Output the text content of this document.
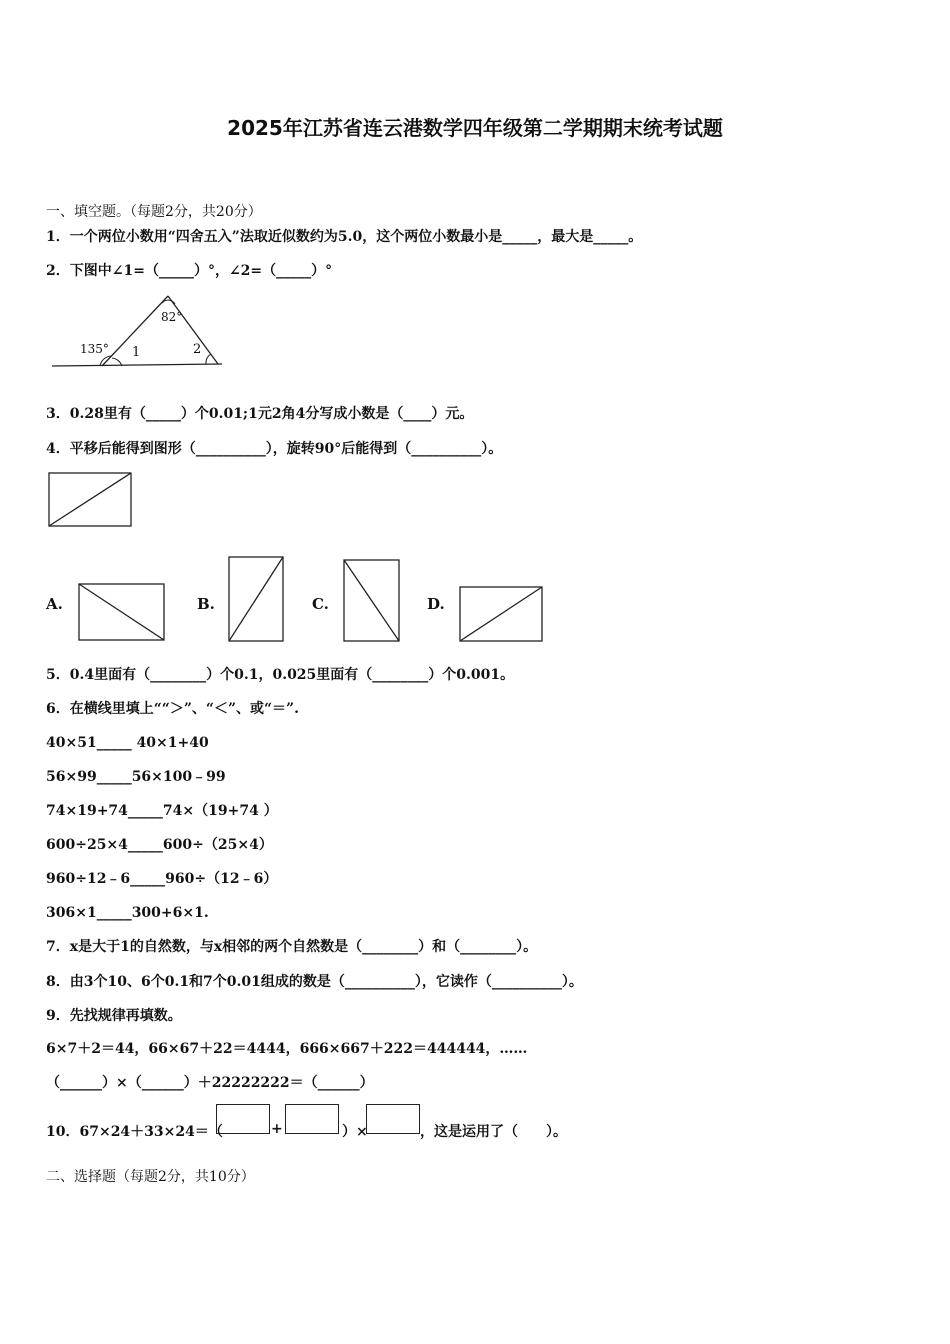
2025年江苏省连云港数学四年级第二学期期末统考试题
一、填空题。（每题2分，共20分）
1．一个两位小数用“四舍五入”法取近似数约为5.0，这个两位小数最小是_____，最大是_____。
2．下图中∠1=（_____）°，∠2=（_____）°
82°
135° 1	2
3．0.28里有（_____）个0.01;1元2角4分写成小数是（____）元。
4．平移后能得到图形（__________），旋转90°后能得到（__________）。
A.	B.	C.	D.
5．0.4里面有（________）个0.1，0.025里面有（________）个0.001。
6．在横线里填上““＞”、“＜”、或“＝”.
40×51_____ 40×1+40
56×99_____56×100﹣99
74×19+74_____74×（19+74 ）
600÷25×4_____600÷（25×4）
960÷12﹣6_____960÷（12﹣6）
306×1_____300+6×1.
7．x是大于1的自然数，与x相邻的两个自然数是（________）和（________）。
8．由3个10、6个0.1和7个0.01组成的数是（__________），它读作（__________）。
9．先找规律再填数。
6×7＋2＝44，66×67＋22＝4444，666×667＋222＝444444，……
（______）×（______）＋22222222＝（______）
10．67×24＋33×24＝（	+	）×	，这是运用了（　　）。
二、选择题（每题2分，共10分）
